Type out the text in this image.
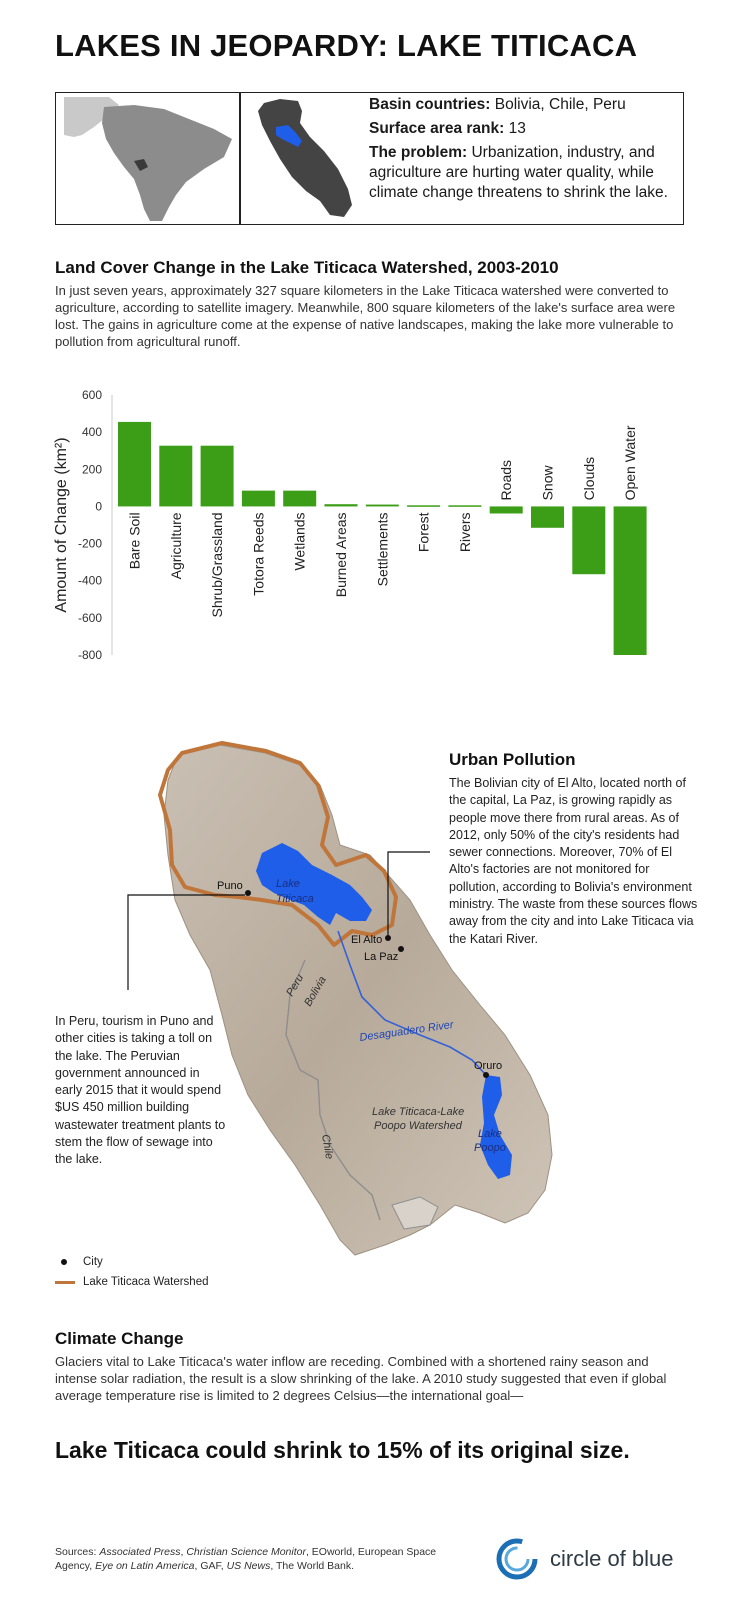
LAKES IN JEOPARDY: LAKE TITICACA

Basin countries: Bolivia, Chile, Peru

Surface area rank: 13

The problem: Urbanization, industry, and agriculture are hurting water quality, while climate change threatens to shrink the lake.

Land Cover Change in the Lake Titicaca Watershed, 2003-2010
In just seven years, approximately 327 square kilometers in the Lake Titicaca watershed were converted to agriculture, according to satellite imagery. Meanwhile, 800 square kilometers of the lake's surface area were lost. The gains in agriculture come at the expense of native landscapes, making the lake more vulnerable to pollution from agricultural runoff.
600
400
200
0
-200
-400
-600
-800
Amount of Change (km²)	Bare Soil Agriculture Shrub/Grassland Totora Reeds Wetlands Burned Areas Settlements Forest Rivers
Roads Snow Clouds Open Water
Puno	Lake
Titicaca
El Alto
La Paz
Peru
Bolivia
Desaguadero River
Oruro
Chile
Lake Titicaca-Lake
Poopo Watershed
Lake
Poopo
Urban Pollution
The Bolivian city of El Alto, located north of the capital, La Paz, is growing rapidly as people move there from rural areas. As of 2012, only 50% of the city's residents had sewer connections. Moreover, 70% of El Alto's factories are not monitored for pollution, according to Bolivia's environment ministry. The waste from these sources flows away from the city and into Lake Titicaca via the Katari River.
In Peru, tourism in Puno and other cities is taking a toll on the lake. The Peruvian government announced in early 2015 that it would spend $US 450 million building wastewater treatment plants to stem the flow of sewage into the lake.
City
Lake Titicaca Watershed
Climate Change
Glaciers vital to Lake Titicaca's water inflow are receding. Combined with a shortened rainy season and intense solar radiation, the result is a slow shrinking of the lake. A 2010 study suggested that even if global average temperature rise is limited to 2 degrees Celsius—the international goal—
Lake Titicaca could shrink to 15% of its original size.
Sources: Associated Press, Christian Science Monitor, EOworld, European Space Agency, Eye on Latin America, GAF, US News, The World Bank.	circle of blue
